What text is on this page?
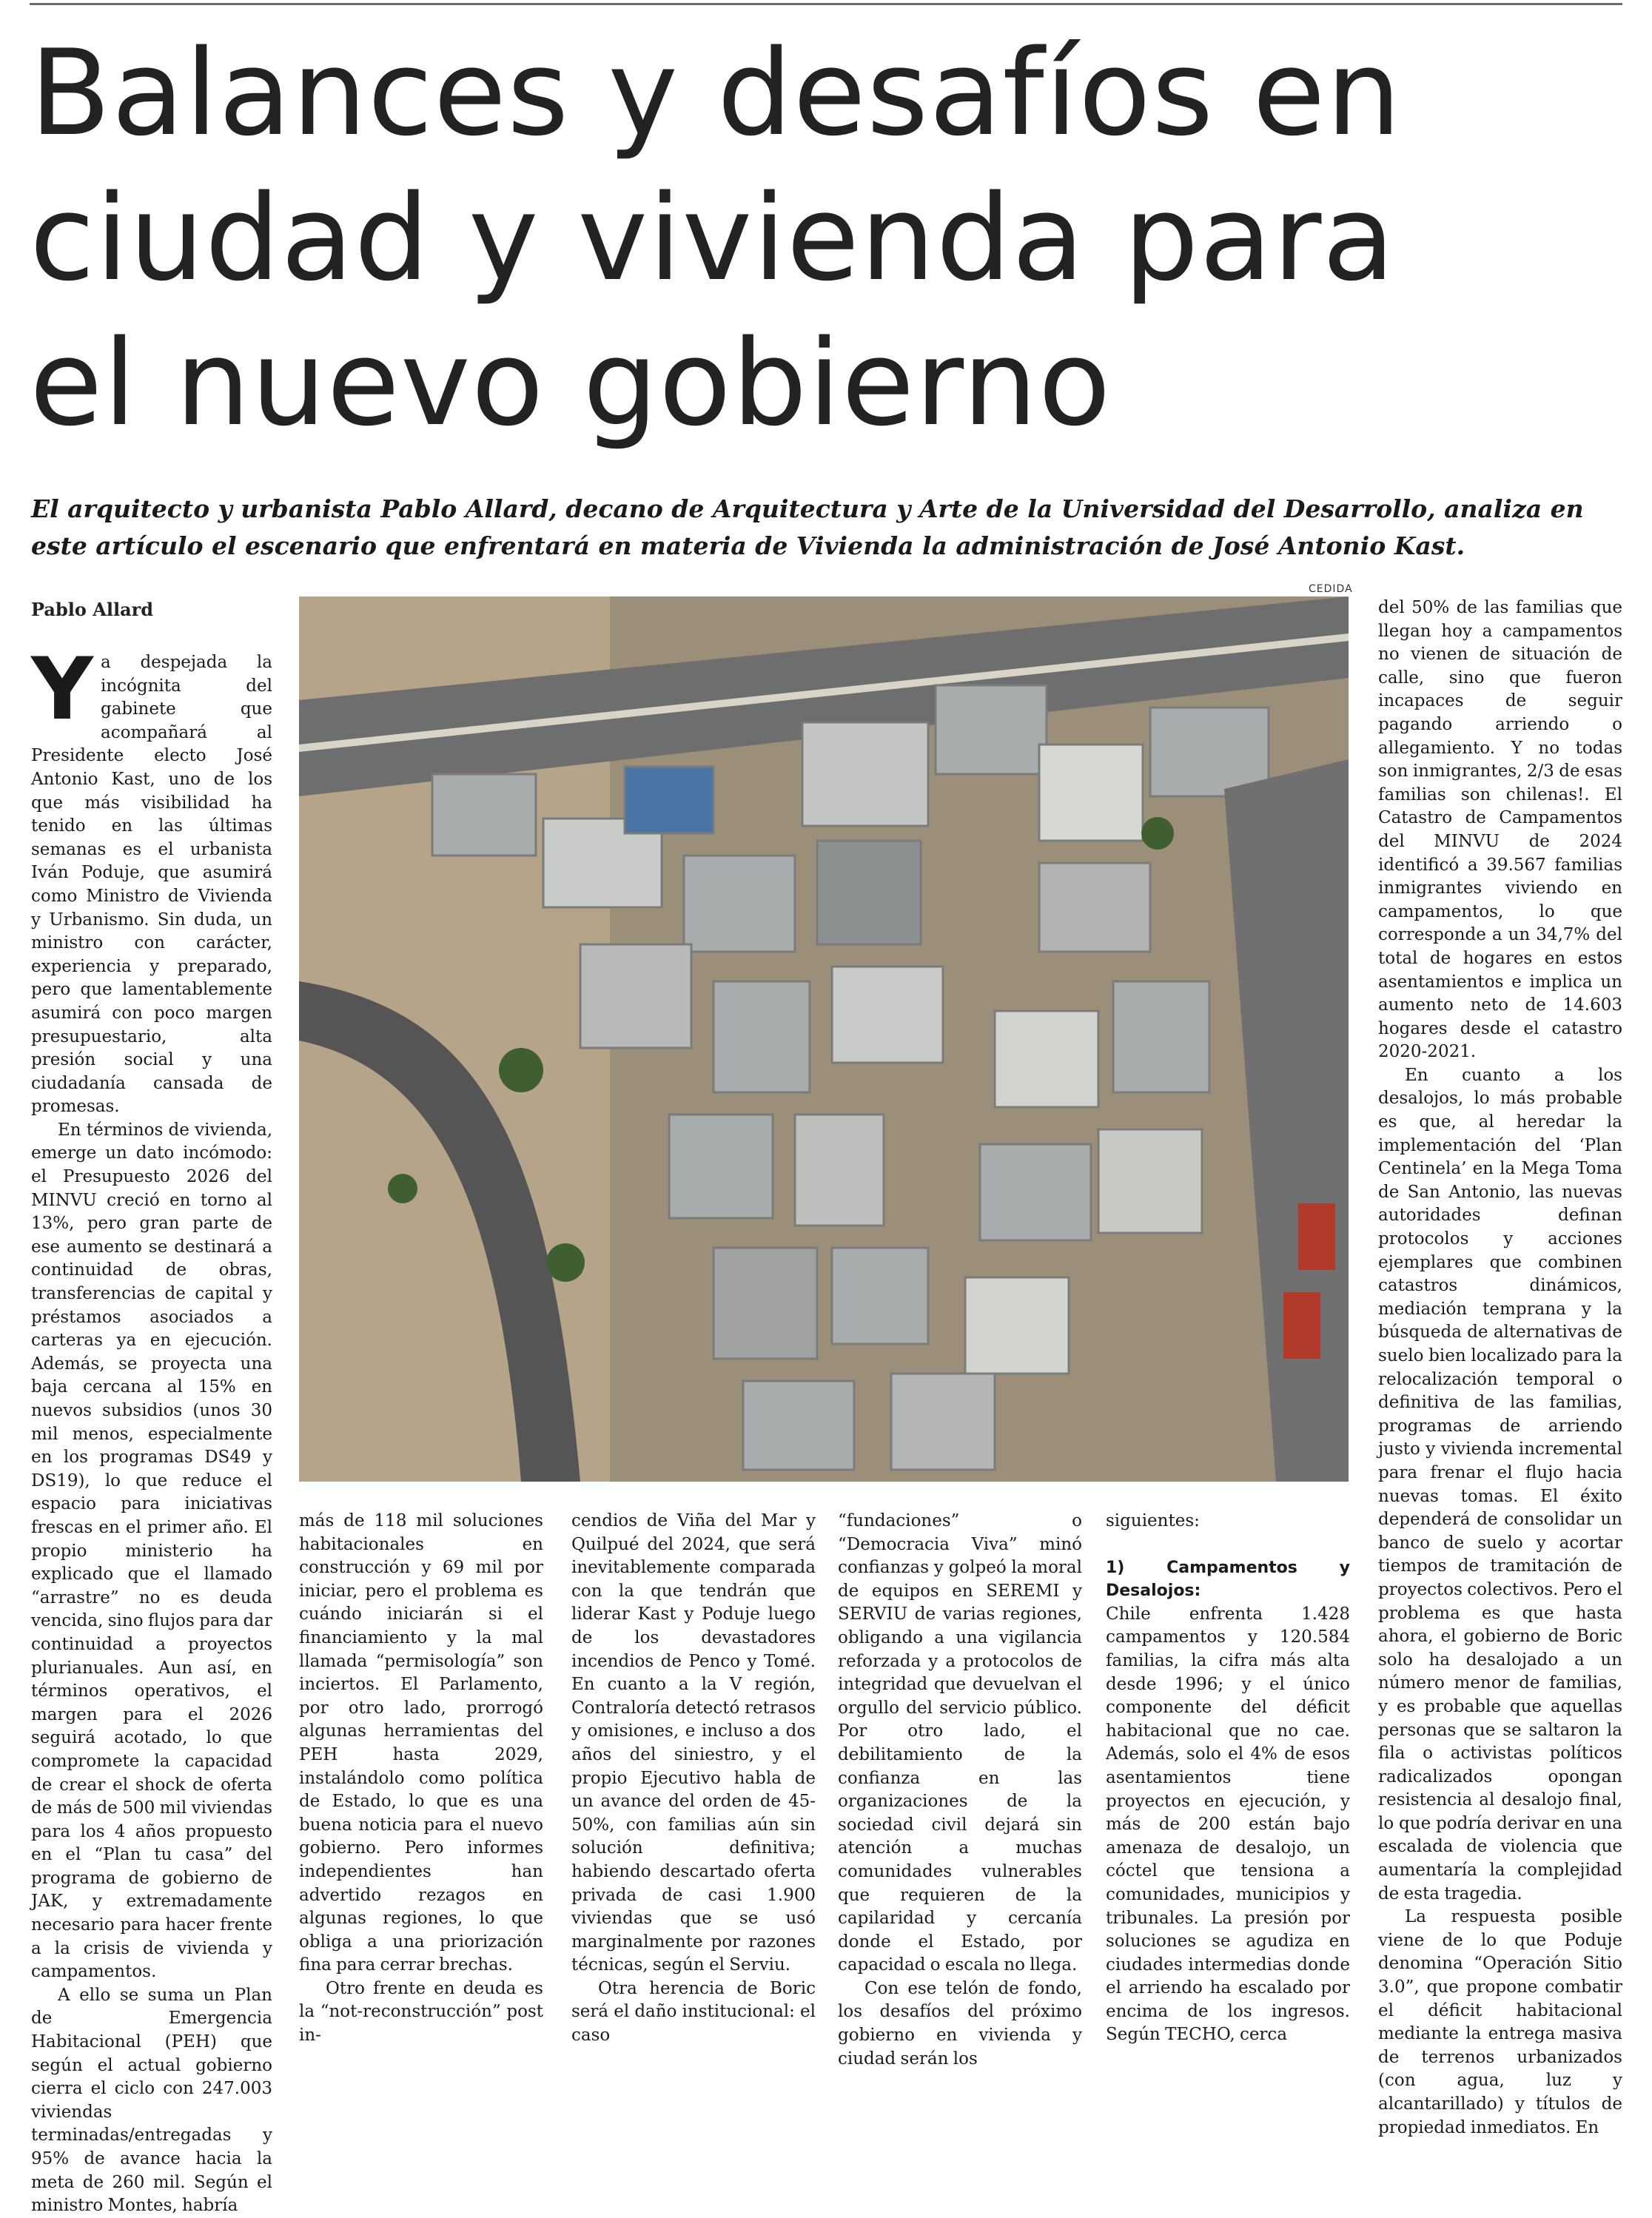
Balances y desafíos en
ciudad y vivienda para
el nuevo gobierno

El arquitecto y urbanista Pablo Allard, decano de Arquitectura y Arte de la Universidad del Desarrollo, analiza en este artículo el escenario que enfrentará en materia de Vivienda la administración de José Antonio Kast.

Pablo Allard
CEDIDA

Ya despejada la incógnita del gabinete que acompañará al Presidente electo José Antonio Kast, uno de los que más visibilidad ha tenido en las últimas semanas es el urbanista Iván Poduje, que asumirá como Ministro de Vivienda y Urbanismo. Sin duda, un ministro con carácter, experiencia y preparado, pero que lamentablemente asumirá con poco margen presupuestario, alta presión social y una ciudadanía cansada de promesas.

En términos de vivienda, emerge un dato incómodo: el Presupuesto 2026 del MINVU creció en torno al 13%, pero gran parte de ese aumento se destinará a continuidad de obras, transferencias de capital y préstamos asociados a carteras ya en ejecución. Además, se proyecta una baja cercana al 15% en nuevos subsidios (unos 30 mil menos, especialmente en los programas DS49 y DS19), lo que reduce el espacio para iniciativas frescas en el primer año. El propio ministerio ha explicado que el llamado “arrastre” no es deuda vencida, sino flujos para dar continuidad a proyectos plurianuales. Aun así, en términos operativos, el margen para el 2026 seguirá acotado, lo que compromete la capacidad de crear el shock de oferta de más de 500 mil viviendas para los 4 años propuesto en el “Plan tu casa” del programa de gobierno de JAK, y extremadamente necesario para hacer frente a la crisis de vivienda y campamentos.

A ello se suma un Plan de Emergencia Habitacional (PEH) que según el actual gobierno cierra el ciclo con 247.003 viviendas terminadas/entregadas y 95% de avance hacia la meta de 260 mil. Según el ministro Montes, habría

más de 118 mil soluciones habitacionales en construcción y 69 mil por iniciar, pero el problema es cuándo iniciarán si el financiamiento y la mal llamada “permisología” son inciertos. El Parlamento, por otro lado, prorrogó algunas herramientas del PEH hasta 2029, instalándolo como política de Estado, lo que es una buena noticia para el nuevo gobierno. Pero informes independientes han advertido rezagos en algunas regiones, lo que obliga a una priorización fina para cerrar brechas.

Otro frente en deuda es la “not-reconstrucción” post in-

cendios de Viña del Mar y Quilpué del 2024, que será inevitablemente comparada con la que tendrán que liderar Kast y Poduje luego de los devastadores incendios de Penco y Tomé. En cuanto a la V región, Contraloría detectó retrasos y omisiones, e incluso a dos años del siniestro, y el propio Ejecutivo habla de un avance del orden de 45-50%, con familias aún sin solución definitiva; habiendo descartado oferta privada de casi 1.900 viviendas que se usó marginalmente por razones técnicas, según el Serviu.

Otra herencia de Boric será el daño institucional: el caso

“fundaciones” o “Democracia Viva” minó confianzas y golpeó la moral de equipos en SEREMI y SERVIU de varias regiones, obligando a una vigilancia reforzada y a protocolos de integridad que devuelvan el orgullo del servicio público. Por otro lado, el debilitamiento de la confianza en las organizaciones de la sociedad civil dejará sin atención a muchas comunidades vulnerables que requieren de la capilaridad y cercanía donde el Estado, por capacidad o escala no llega.

Con ese telón de fondo, los desafíos del próximo gobierno en vivienda y ciudad serán los

siguientes:

1) Campamentos y Desalojos:

Chile enfrenta 1.428 campamentos y 120.584 familias, la cifra más alta desde 1996; y el único componente del déficit habitacional que no cae. Además, solo el 4% de esos asentamientos tiene proyectos en ejecución, y más de 200 están bajo amenaza de desalojo, un cóctel que tensiona a comunidades, municipios y tribunales. La presión por soluciones se agudiza en ciudades intermedias donde el arriendo ha escalado por encima de los ingresos. Según TECHO, cerca

del 50% de las familias que llegan hoy a campamentos no vienen de situación de calle, sino que fueron incapaces de seguir pagando arriendo o allegamiento. Y no todas son inmigrantes, 2/3 de esas familias son chilenas!. El Catastro de Campamentos del MINVU de 2024 identificó a 39.567 familias inmigrantes viviendo en campamentos, lo que corresponde a un 34,7% del total de hogares en estos asentamientos e implica un aumento neto de 14.603 hogares desde el catastro 2020-2021.

En cuanto a los desalojos, lo más probable es que, al heredar la implementación del ‘Plan Centinela’ en la Mega Toma de San Antonio, las nuevas autoridades definan protocolos y acciones ejemplares que combinen catastros dinámicos, mediación temprana y la búsqueda de alternativas de suelo bien localizado para la relocalización temporal o definitiva de las familias, programas de arriendo justo y vivienda incremental para frenar el flujo hacia nuevas tomas. El éxito dependerá de consolidar un banco de suelo y acortar tiempos de tramitación de proyectos colectivos. Pero el problema es que hasta ahora, el gobierno de Boric solo ha desalojado a un número menor de familias, y es probable que aquellas personas que se saltaron la fila o activistas políticos radicalizados opongan resistencia al desalojo final, lo que podría derivar en una escalada de violencia que aumentaría la complejidad de esta tragedia.

La respuesta posible viene de lo que Poduje denomina “Operación Sitio 3.0”, que propone combatir el déficit habitacional mediante la entrega masiva de terrenos urbanizados (con agua, luz y alcantarillado) y títulos de propiedad inmediatos. En
